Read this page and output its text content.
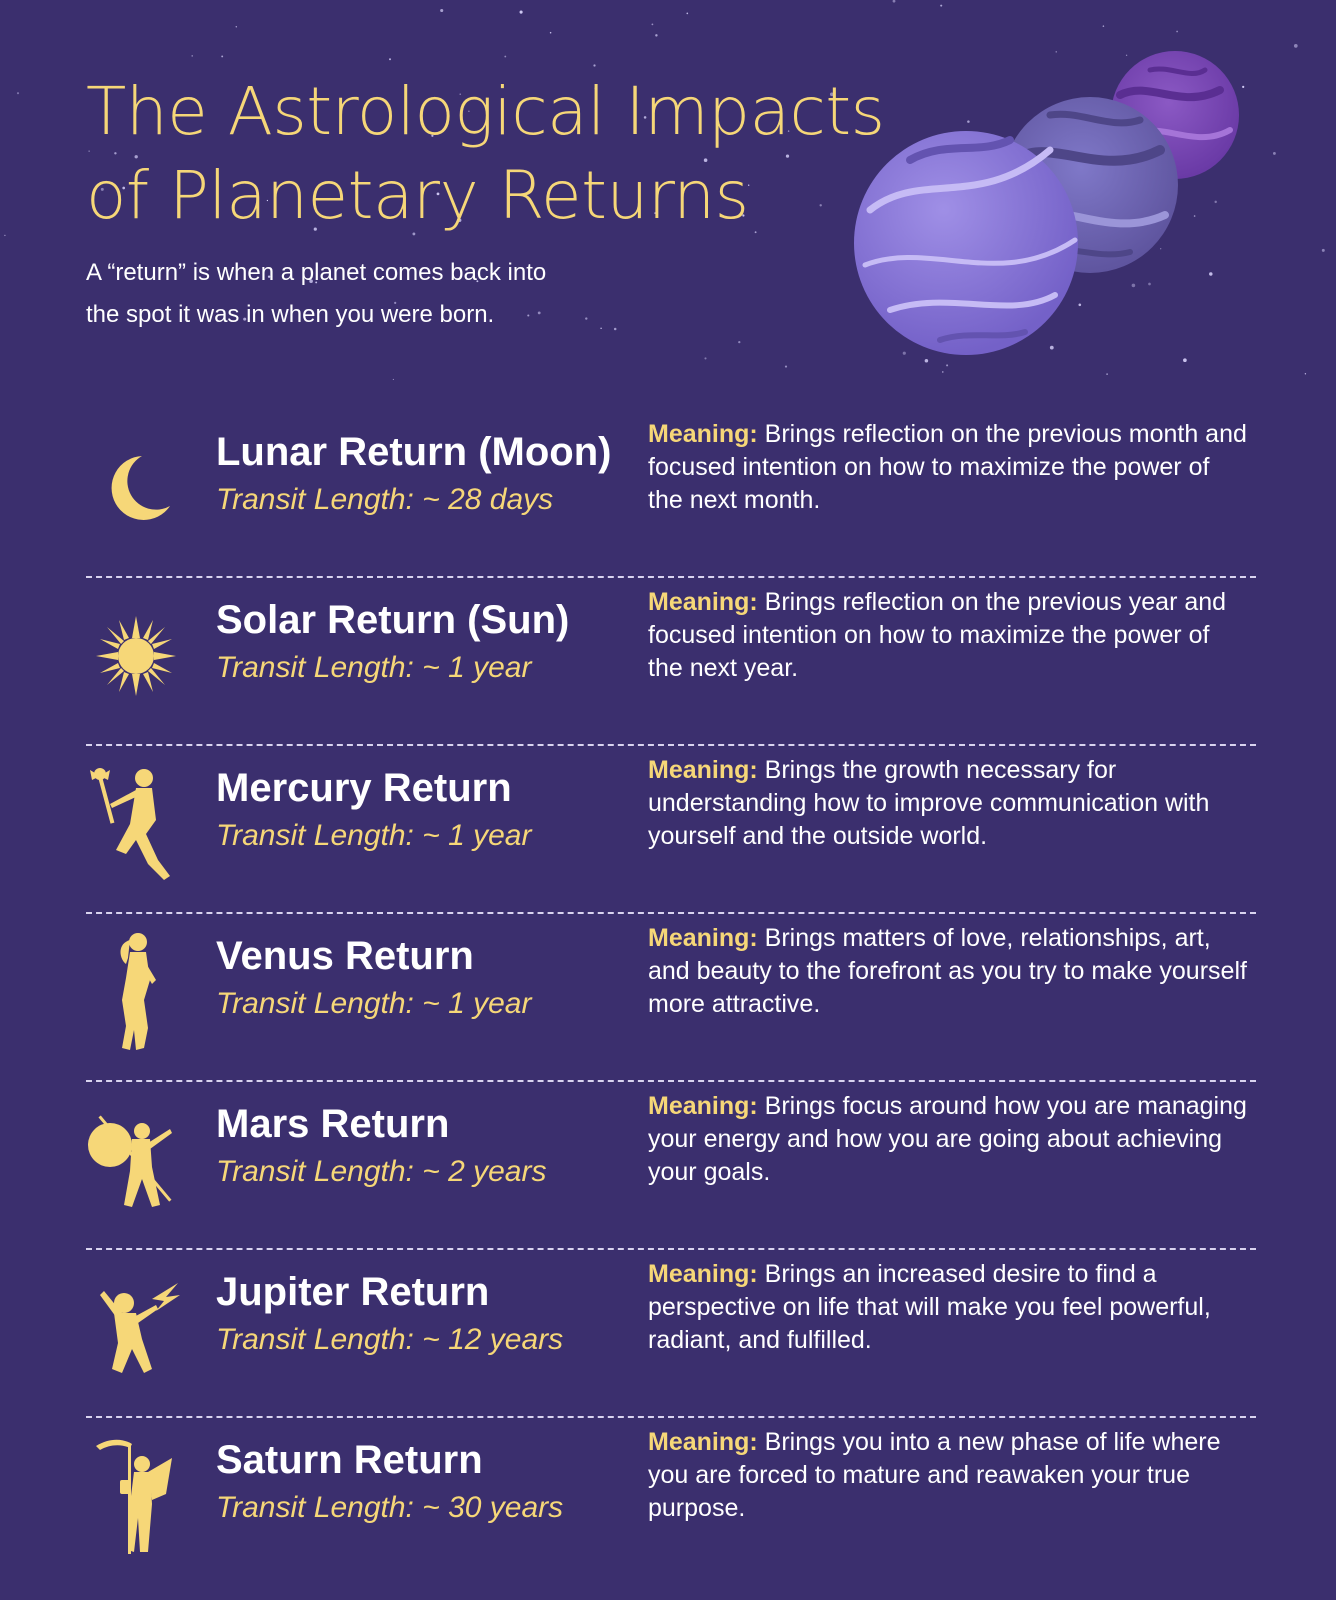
The Astrological Impacts
of Planetary Returns

A “return” is when a planet comes back into
the spot it was in when you were born.

Lunar Return (Moon)
Transit Length: ~ 28 days

Meaning: Brings reflection on the previous month and focused intention on how to maximize the power of the next month.

Solar Return (Sun)
Transit Length: ~ 1 year

Meaning: Brings reflection on the previous year and focused intention on how to maximize the power of the next year.

Mercury Return
Transit Length: ~ 1 year

Meaning: Brings the growth necessary for understanding how to improve communication with yourself and the outside world.

Venus Return
Transit Length: ~ 1 year

Meaning: Brings matters of love, relationships, art, and beauty to the forefront as you try to make yourself more attractive.

Mars Return
Transit Length: ~ 2 years

Meaning: Brings focus around how you are managing your energy and how you are going about achieving your goals.

Jupiter Return
Transit Length: ~ 12 years

Meaning: Brings an increased desire to find a perspective on life that will make you feel powerful, radiant, and fulfilled.

Saturn Return
Transit Length: ~ 30 years

Meaning: Brings you into a new phase of life where you are forced to mature and reawaken your true purpose.
